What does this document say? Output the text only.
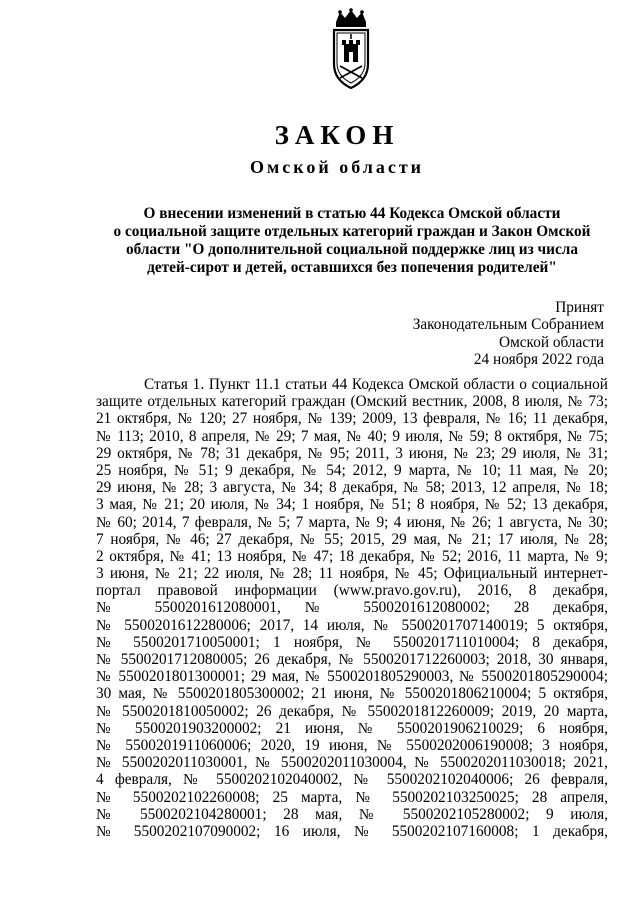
ЗАКОН
Омской области
О внесении изменений в статью 44 Кодекса Омской области
о социальной защите отдельных категорий граждан и Закон Омской
области "О дополнительной социальной поддержке лиц из числа
детей-сирот и детей, оставшихся без попечения родителей"
Принят
Законодательным Собранием
Омской области
24 ноября 2022 года
Статья 1. Пункт 11.1 статьи 44 Кодекса Омской области о социальной
защите отдельных категорий граждан (Омский вестник, 2008, 8 июля, № 73;
21 октября, № 120; 27 ноября, № 139; 2009, 13 февраля, № 16; 11 декабря,
№ 113; 2010, 8 апреля, № 29; 7 мая, № 40; 9 июля, № 59; 8 октября, № 75;
29 октября, № 78; 31 декабря, № 95; 2011, 3 июня, № 23; 29 июля, № 31;
25 ноября, № 51; 9 декабря, № 54; 2012, 9 марта, № 10; 11 мая, № 20;
29 июня, № 28; 3 августа, № 34; 8 декабря, № 58; 2013, 12 апреля, № 18;
3 мая, № 21; 20 июля, № 34; 1 ноября, № 51; 8 ноября, № 52; 13 декабря,
№ 60; 2014, 7 февраля, № 5; 7 марта, № 9; 4 июня, № 26; 1 августа, № 30;
7 ноября, № 46; 27 декабря, № 55; 2015, 29 мая, № 21; 17 июля, № 28;
2 октября, № 41; 13 ноября, № 47; 18 декабря, № 52; 2016, 11 марта, № 9;
3 июня, № 21; 22 июля, № 28; 11 ноября, № 45; Официальный интернет-
портал правовой информации (www.pravo.gov.ru), 2016, 8 декабря,
№ 5500201612080001, № 5500201612080002; 28 декабря,
№ 5500201612280006; 2017, 14 июля, № 5500201707140019; 5 октября,
№ 5500201710050001; 1 ноября, № 5500201711010004; 8 декабря,
№ 5500201712080005; 26 декабря, № 5500201712260003; 2018, 30 января,
№ 5500201801300001; 29 мая, № 5500201805290003, № 5500201805290004;
30 мая, № 5500201805300002; 21 июня, № 5500201806210004; 5 октября,
№ 5500201810050002; 26 декабря, № 5500201812260009; 2019, 20 марта,
№ 5500201903200002; 21 июня, № 5500201906210029; 6 ноября,
№ 5500201911060006; 2020, 19 июня, № 5500202006190008; 3 ноября,
№ 5500202011030001, № 5500202011030004, № 5500202011030018; 2021,
4 февраля, № 5500202102040002, № 5500202102040006; 26 февраля,
№ 5500202102260008; 25 марта, № 5500202103250025; 28 апреля,
№ 5500202104280001; 28 мая, № 5500202105280002; 9 июля,
№ 5500202107090002; 16 июля, № 5500202107160008; 1 декабря,
